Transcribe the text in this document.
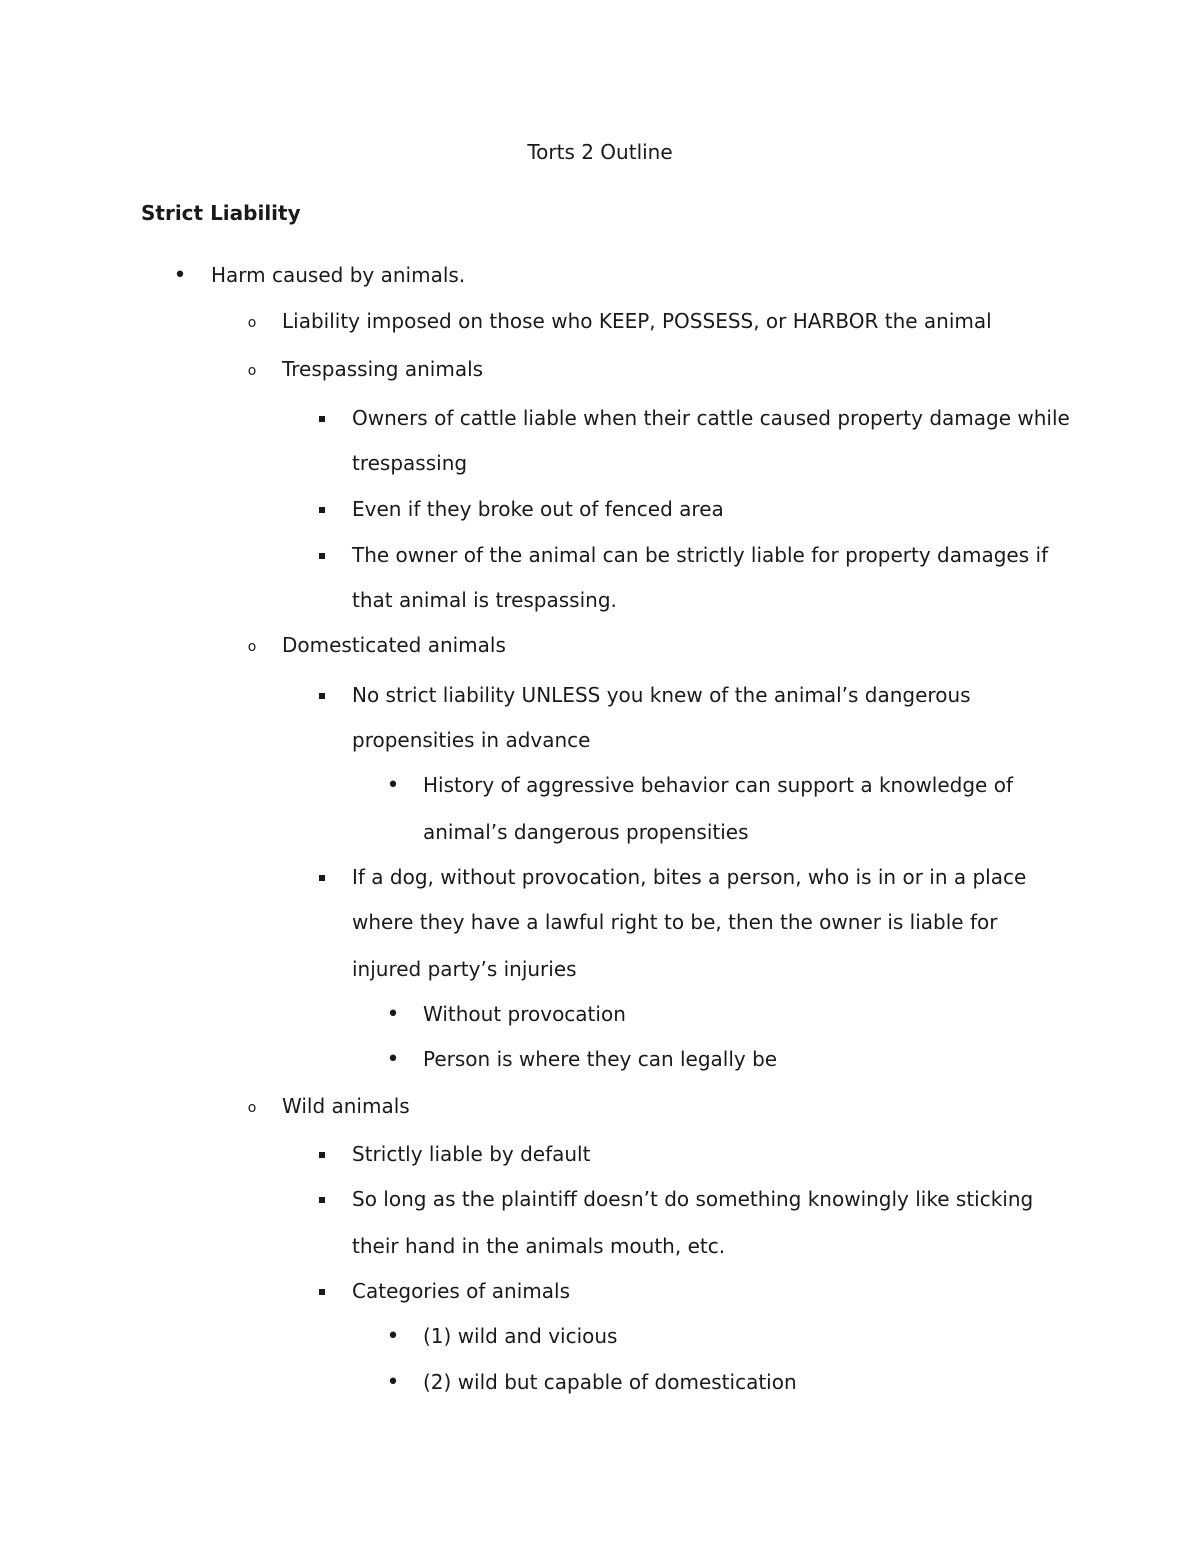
Torts 2 Outline
Strict Liability
•
Harm caused by animals.
o
Liability imposed on those who KEEP, POSSESS, or HARBOR the animal
o
Trespassing animals
Owners of cattle liable when their cattle caused property damage while
trespassing
Even if they broke out of fenced area
The owner of the animal can be strictly liable for property damages if
that animal is trespassing.
o
Domesticated animals
No strict liability UNLESS you knew of the animal’s dangerous
propensities in advance
•
History of aggressive behavior can support a knowledge of
animal’s dangerous propensities
If a dog, without provocation, bites a person, who is in or in a place
where they have a lawful right to be, then the owner is liable for
injured party’s injuries
•
Without provocation
•
Person is where they can legally be
o
Wild animals
Strictly liable by default
So long as the plaintiff doesn’t do something knowingly like sticking
their hand in the animals mouth, etc.
Categories of animals
•
(1) wild and vicious
•
(2) wild but capable of domestication
